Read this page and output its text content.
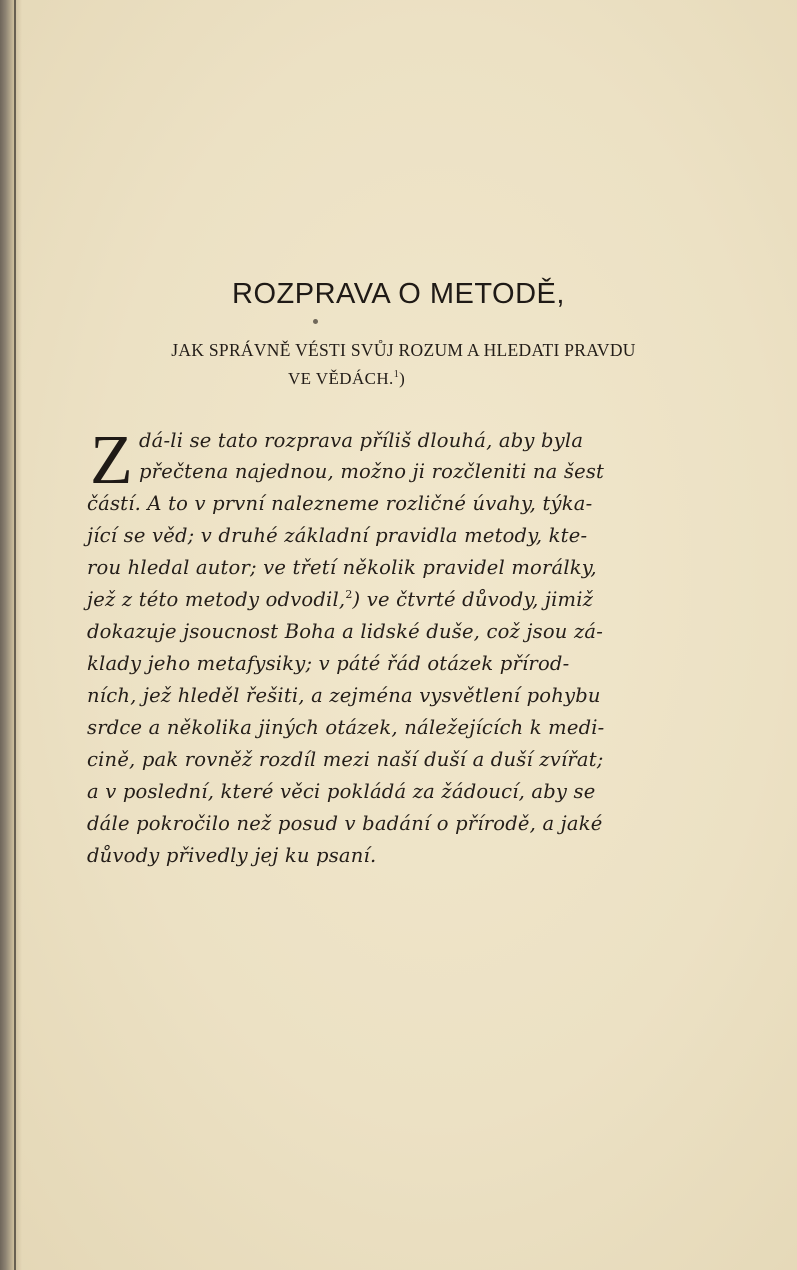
ROZPRAVA O METODĚ,
JAK SPRÁVNĚ VÉSTI SVŮJ ROZUM A HLEDATI PRAVDU
VE VĚDÁCH.$^1$)
Z dá-li se tato rozprava příliš dlouhá, aby byla
přečtena najednou, možno ji rozčleniti na šest
částí. A to v první nalezneme rozličné úvahy, týka-
jící se věd; v druhé základní pravidla metody, kte-
rou hledal autor; ve třetí několik pravidel morálky,
jež z této metody odvodil,$^2$) ve čtvrté důvody, jimiž
dokazuje jsoucnost Boha a lidské duše, což jsou zá-
klady jeho metafysiky; v páté řád otázek přírod-
ních, jež hleděl řešiti, a zejména vysvětlení pohybu
srdce a několika jiných otázek, náležejících k medi-
cině, pak rovněž rozdíl mezi naší duší a duší zvířat;
a v poslední, které věci pokládá za žádoucí, aby se
dále pokročilo než posud v badání o přírodě, a jaké
důvody přivedly jej ku psaní.
